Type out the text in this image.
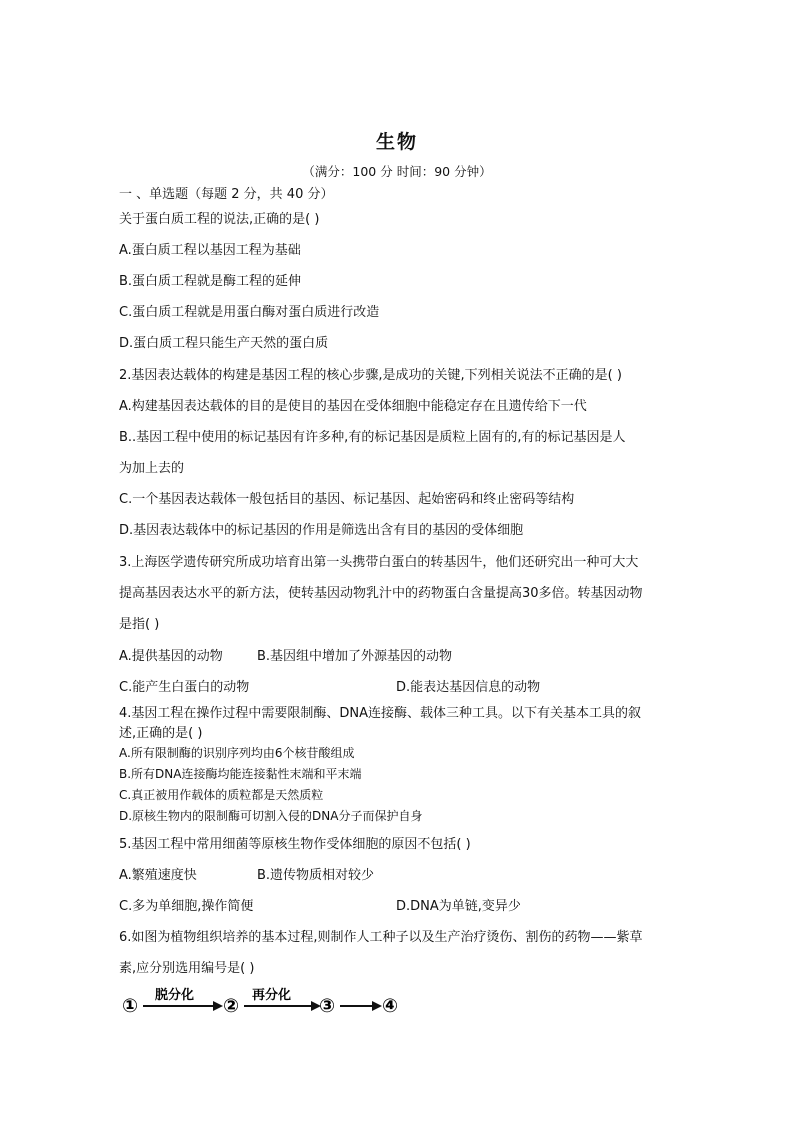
生物
（满分：100 分 时间：90 分钟）
一 、单选题（每题 2 分，共 40 分）
关于蛋白质工程的说法,正确的是( )
A.蛋白质工程以基因工程为基础
B.蛋白质工程就是酶工程的延伸
C.蛋白质工程就是用蛋白酶对蛋白质进行改造
D.蛋白质工程只能生产天然的蛋白质
2.基因表达载体的构建是基因工程的核心步骤,是成功的关键,下列相关说法不正确的是( )
A.构建基因表达载体的目的是使目的基因在受体细胞中能稳定存在且遗传给下一代
B..基因工程中使用的标记基因有许多种,有的标记基因是质粒上固有的,有的标记基因是人
为加上去的
C.一个基因表达载体一般包括目的基因、标记基因、起始密码和终止密码等结构
D.基因表达载体中的标记基因的作用是筛选出含有目的基因的受体细胞
3.上海医学遗传研究所成功培育出第一头携带白蛋白的转基因牛，他们还研究出一种可大大
提高基因表达水平的新方法，使转基因动物乳汁中的药物蛋白含量提高30多倍。转基因动物
是指( )
A.提供基因的动物	B.基因组中增加了外源基因的动物
C.能产生白蛋白的动物	D.能表达基因信息的动物
4.基因工程在操作过程中需要限制酶、DNA连接酶、载体三种工具。以下有关基本工具的叙
述,正确的是( )
A.所有限制酶的识别序列均由6个核苷酸组成
B.所有DNA连接酶均能连接黏性末端和平末端
C.真正被用作载体的质粒都是天然质粒
D.原核生物内的限制酶可切割入侵的DNA分子而保护自身
5.基因工程中常用细菌等原核生物作受体细胞的原因不包括( )
A.繁殖速度快	B.遗传物质相对较少
C.多为单细胞,操作简便	D.DNA为单链,变异少
6.如图为植物组织培养的基本过程,则制作人工种子以及生产治疗烫伤、割伤的药物——紫草
素,应分别选用编号是( )
① 脱分化 ② 再分化 ③ ④
